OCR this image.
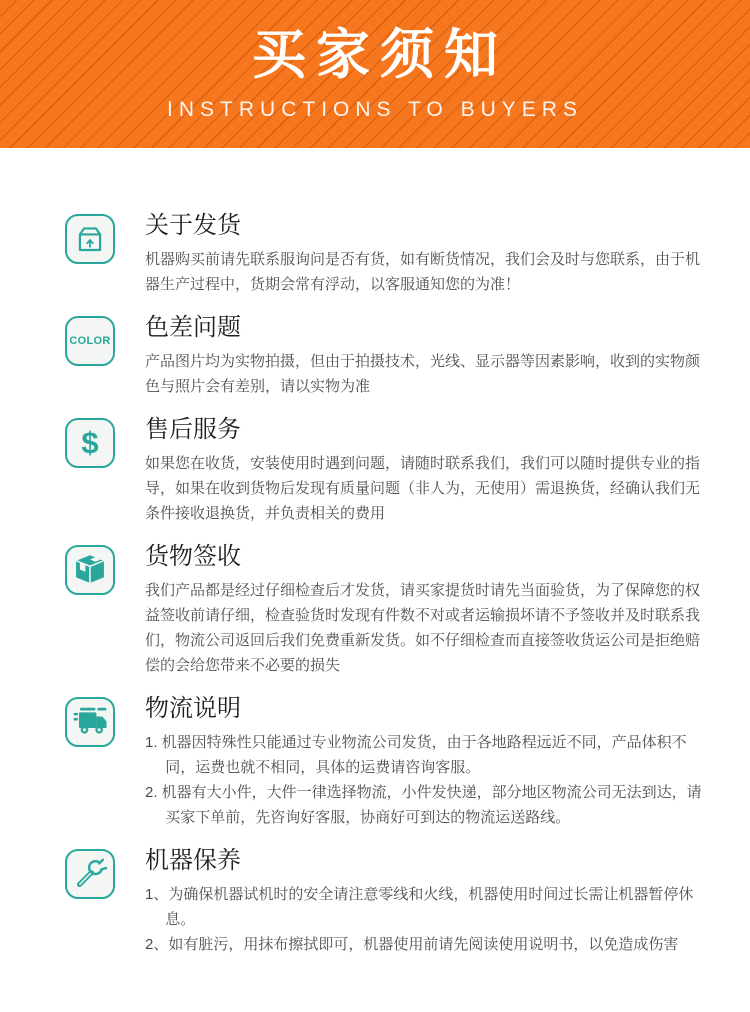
买家须知
INSTRUCTIONS TO BUYERS
关于发货

机器购买前请先联系服询问是否有货，如有断货情况，我们会及时与您联系，由于机器生产过程中，货期会常有浮动，以客服通知您的为准！

COLOR 色差问题

产品图片均为实物拍摄，但由于拍摄技术，光线、显示器等因素影响，收到的实物颜色与照片会有差别，请以实物为准

$ 售后服务

如果您在收货，安装使用时遇到问题，请随时联系我们，我们可以随时提供专业的指导，如果在收到货物后发现有质量问题（非人为，无使用）需退换货，经确认我们无条件接收退换货，并负责相关的费用

货物签收

我们产品都是经过仔细检查后才发货，请买家提货时请先当面验货，为了保障您的权益签收前请仔细，检查验货时发现有件数不对或者运输损坏请不予签收并及时联系我们，物流公司返回后我们免费重新发货。如不仔细检查而直接签收货运公司是拒绝赔偿的会给您带来不必要的损失

物流说明

1. 机器因特殊性只能通过专业物流公司发货，由于各地路程远近不同，产品体积不同，运费也就不相同，具体的运费请咨询客服。

2. 机器有大小件，大件一律选择物流，小件发快递，部分地区物流公司无法到达，请买家下单前，先咨询好客服，协商好可到达的物流运送路线。

机器保养

1、为确保机器试机时的安全请注意零线和火线，机器使用时间过长需让机器暂停休息。

2、如有脏污，用抹布擦拭即可，机器使用前请先阅读使用说明书，以免造成伤害
